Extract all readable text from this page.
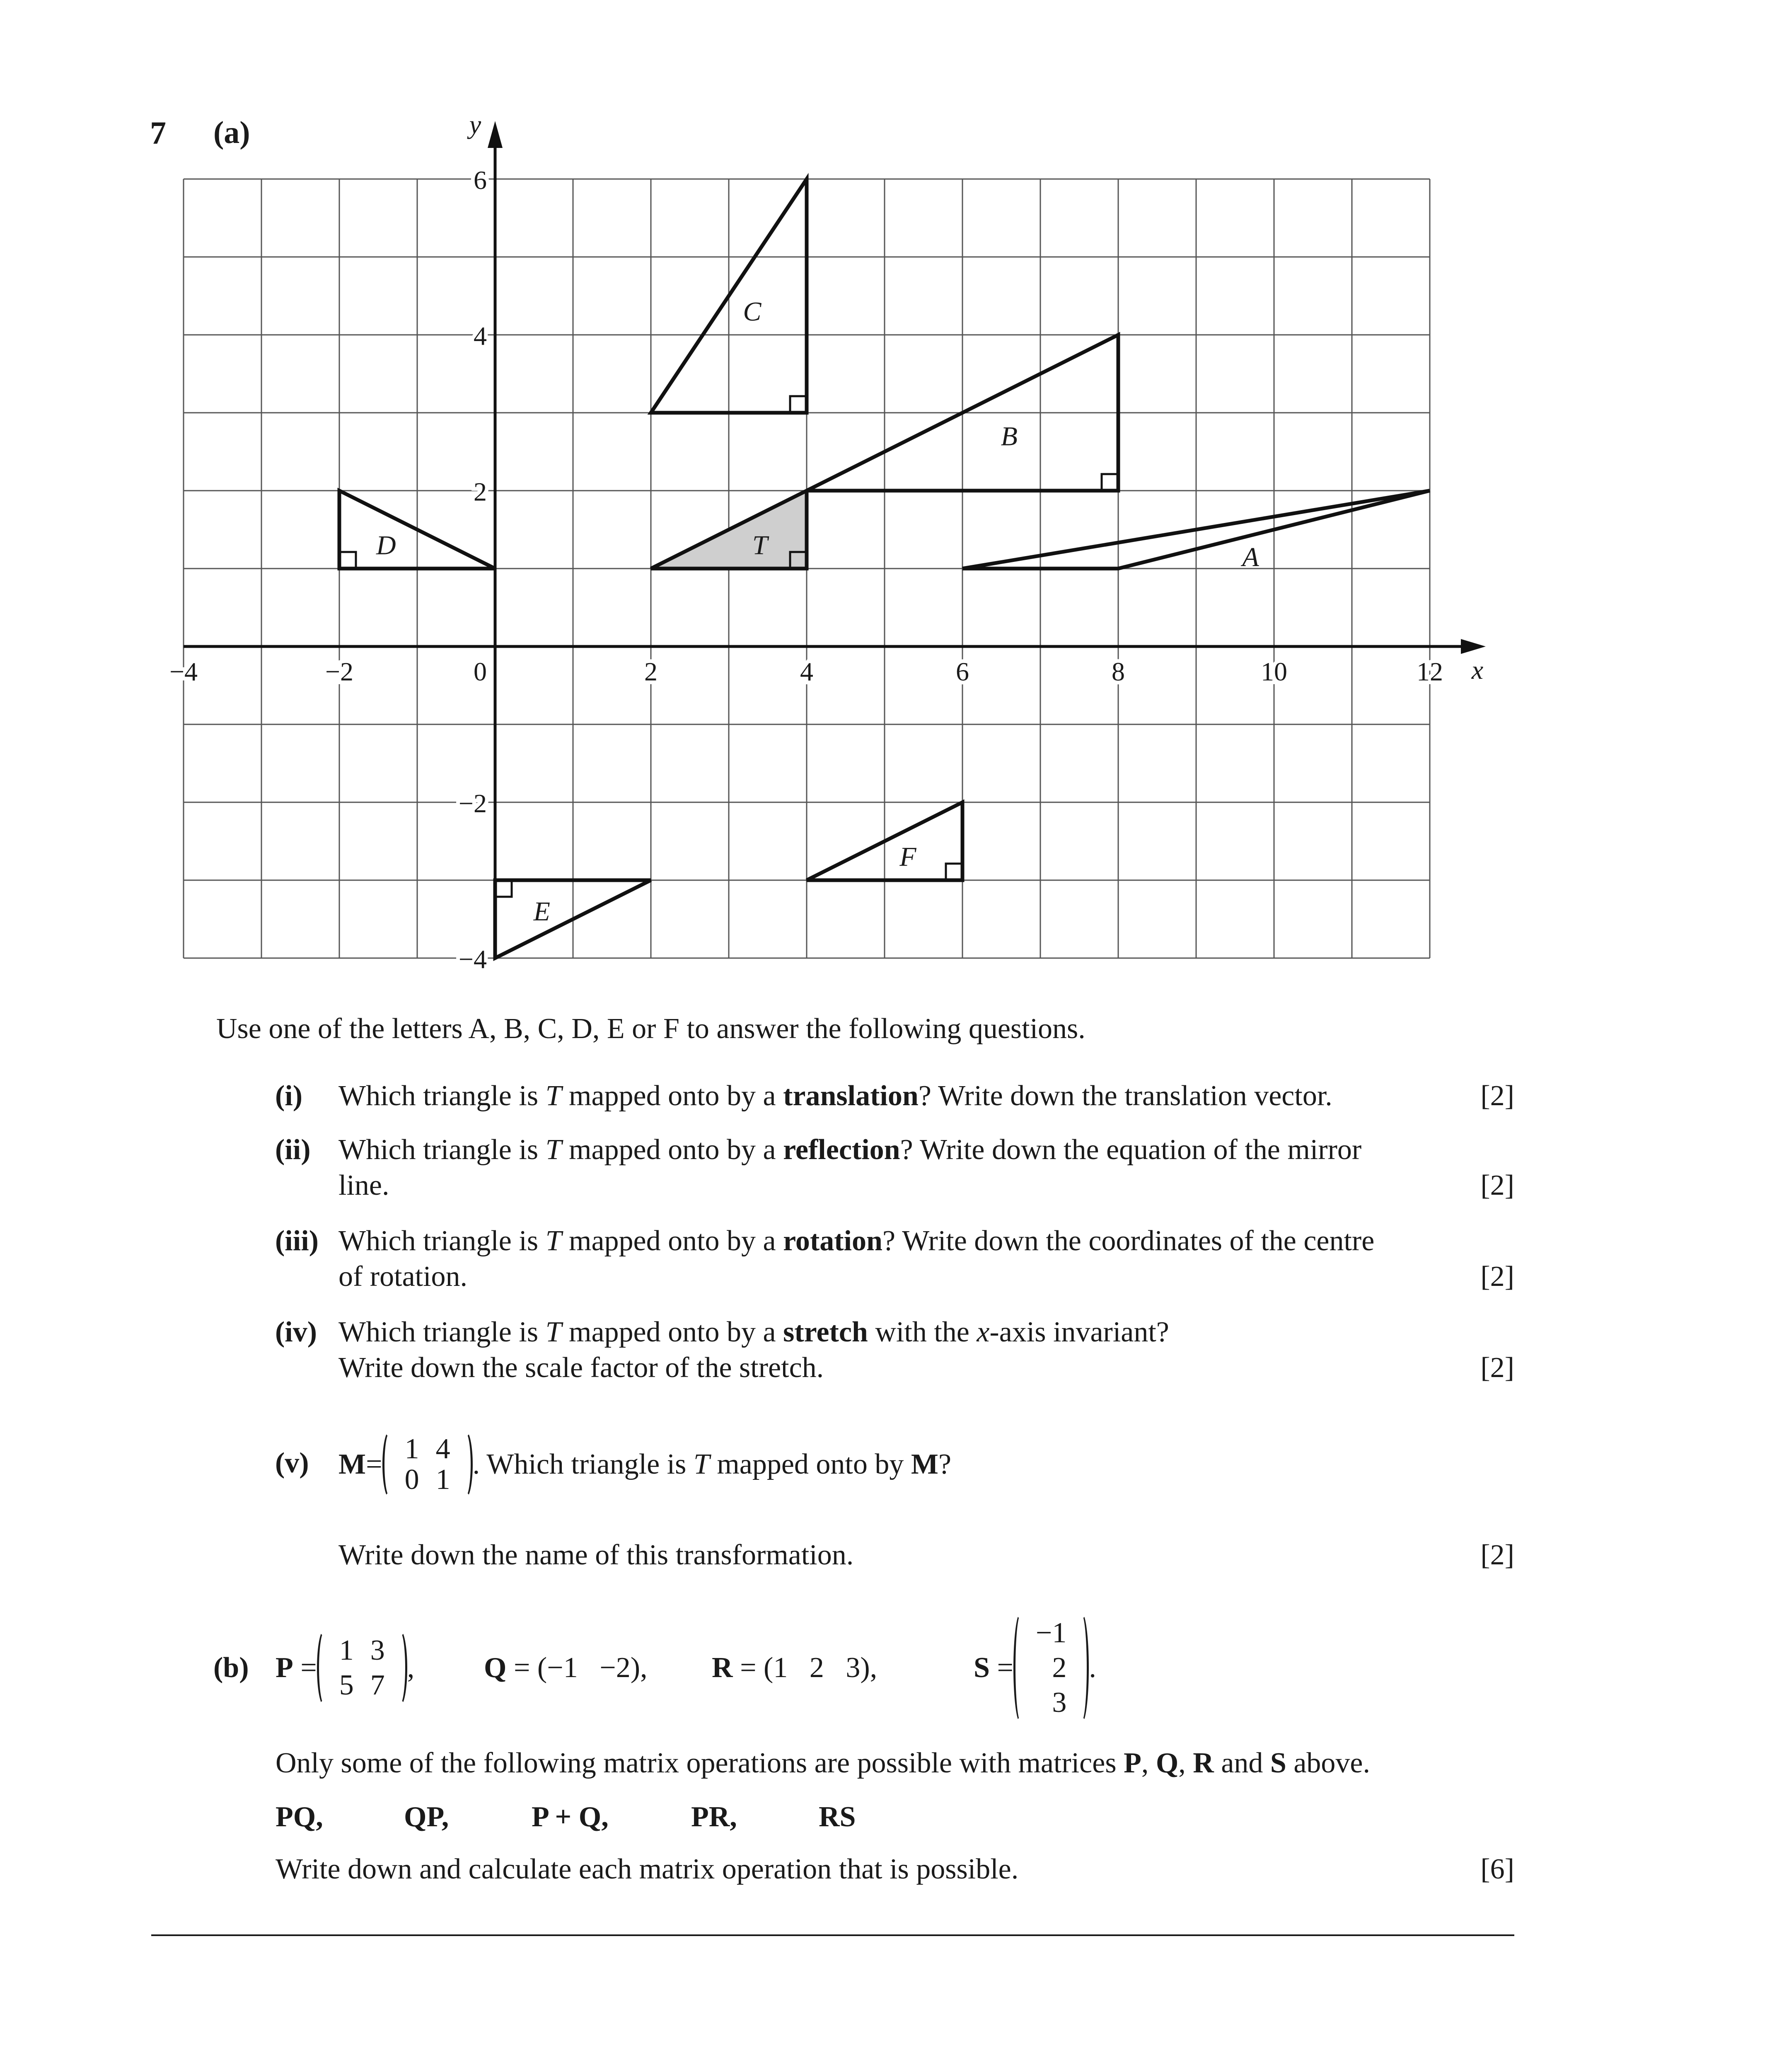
7 (a)
T	A
B
C
D
E
F
−4	−2	0	2	4	6	8	10	12
6
4
2
−2
−4
x
y
Use one of the letters A, B, C, D, E or F to answer the following questions.
(i) Which triangle is T mapped onto by a translation? Write down the translation vector.	[2]
(ii) Which triangle is T mapped onto by a reflection? Write down the equation of the mirror
line.	[2]
(iii) Which triangle is T mapped onto by a rotation? Write down the coordinates of the centre
of rotation.	[2]
(iv) Which triangle is T mapped onto by a stretch with the x-axis invariant?
Write down the scale factor of the stretch.	[2]
(v) M = 1	4
0	1 . Which triangle is T mapped onto by M ?
Write down the name of this transformation.	[2]
(b) P =
1	3
5	7
, Q = (−1   −2), R = (1   2   3),	S =
−1
2
3
.
Only some of the following matrix operations are possible with matrices P, Q, R and S above.
PQ,	QP,	P + Q,	PR,	RS
Write down and calculate each matrix operation that is possible.	[6]
